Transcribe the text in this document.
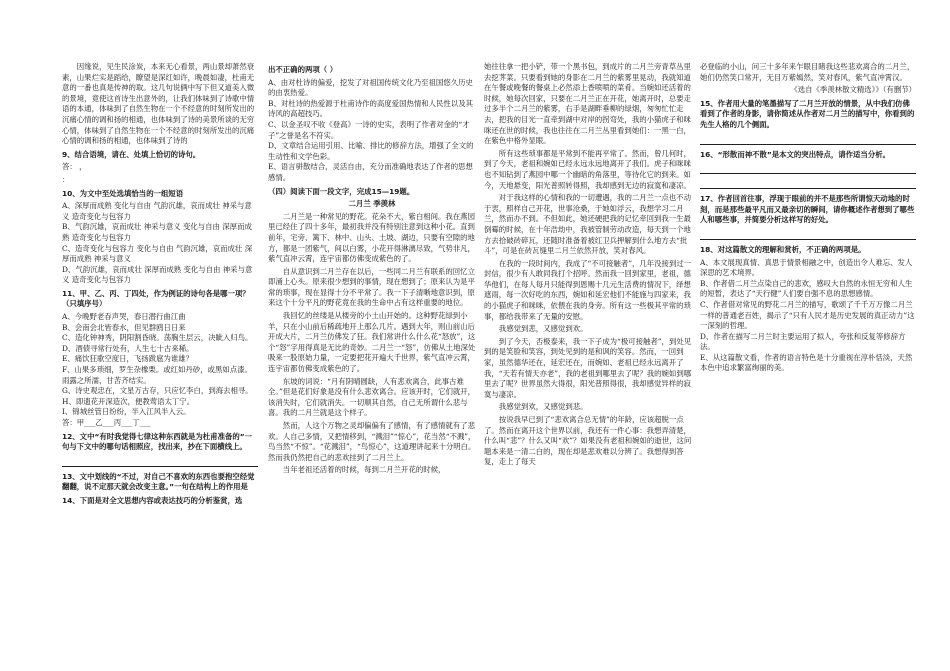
因缘说，见生民涂炭，本来无心看景，两山景却萧然衰素，山果烂实是蹈给，瞭望是深红如许，晚晨如凄，杜甫无意的一番也真是传神的取。这几句说俩中写下但又道美入微的景境，竟使这首诗生出意外的，让我们体味到了诗歌中情语的本通，体味到了自然生物在一个不经意的时刻所发出的沉痛心情的调和扬的相通，也体味到了诗的美景所谈的无穷心情，体味到了自然生物在一个不经意的时刻所发出的沉痛心情的调和扬的相通，也体味到了诗的

9、结合语境，请在、处填上恰切的诗句。

答： ，

：

10、为文中至处选填恰当的一组短语

A、深厚而成熟 变化与自由 气韵沉雄，哀而成壮 神采与意义 造奇变化与包容力

B、气韵沉雄，哀而成壮 神采与意义 变化与自由 深厚而成熟 造奇变化与包容力

C、造奇变化与包容力 变化与自由 气韵沉雄，哀而成壮 深厚而成熟 神采与意义

D、气韵沉雄，哀而成壮 深厚而成熟 变化与自由 神采与意义 造奇变化与包容力

11、甲、乙、丙、丁四处，作为例证的诗句各是哪一项？（只填序号）

A、今晚野老吞声哭，春日潜行曲江曲

B、会南会北皆春水，但见群鸥日日来

C、造化钟神秀，阴阳割昏晓。荡胸生层云，决眦入归鸟。

D、酒债寻常行处有，人生七十古来稀。

E、痛饮狂歌空度日，飞扬跋扈为谁雄？

F、山果多琐细，罗生杂橡栗。或红如丹砂，或黑如点漆。雨露之所濡，甘苦齐结实。

G、诗史观忠在，文星万古存，只应忆李白，到海去相寻。

H、即遗花开深造次，便教莺语太丁宁。

I、锦城丝管日纷纷，半入江风半入云。

答：甲___乙___丙___丁___

12、文中“有时我觉得七律这种东西就是为杜甫准备的”一句与下文中的哪句话相照应，找出来，抄在下面横线上。

13、文中划线的“不过，对自己不喜欢的东西也要抱空经觉翻翻，说不定那天就会改变主意。”一句在结构上的作用是

14、下面是对全文思想内容或表达技巧的分析鉴赏，选

出不正确的两项（ ）

A、由对杜诗的偏爱，挖发了对祖国传统文化乃至祖国悠久历史的由衷热爱。

B、对杜诗的热爱源于杜甫诗作的高度爱国热情和人民性以及其诗风的高超技巧。

C、以金圣叹不收《登高》一诗的史实，表明了作者对金的“才子”之誉是名不符实。

D、文章结合运用引用、比喻、排比的修辞方法，增强了全文的生动性和文学色彩。

E、语言骈散结合，灵活自由，充分而准确地表达了作者的思想感情。

（四）阅读下面一段文字，完成15—19题。

二月兰 季羡林

二月兰是一种常见的野花。花朵不大，紫白相间。我在燕园里已经住了四十多年，最初我并没有特别注意到这种小花。直到前年，宅旁、篱下、林中、山头、土坡、湖边，只要有空隙的地方，都是一团紫气，间以白雾，小花开得淋漓尽致，气势非凡，紫气直冲云霄，连宇宙都仿佛变成紫色的了。

自从意识到二月兰存在以后，一些同二月兰有联系的回忆立即涌上心头。原来很少想到的事情，现在想到了；原来认为是平常的琐事，现在显得十分不平常了。我一下子清晰地意识到，原来这个十分平凡的野花竟在我的生命中占有这样重要的地位。

我回忆的丝缕是从楼旁的小土山开始的。这种野花绿到小羊，只在小山前后稀疏地开上那么几片。遇到大年，则山前山后开成大片，二月兰仿佛发了狂。我们常讲什么什么花“怒放”，这个“怒”字用得真是无比的奇妙。二月兰一“怒”，仿佛从土地深处吸来一股原始力量，一定要把花开遍大千世界，紫气直冲云霄，连宇宙都仿佛变成紫色的了。

东坡的词说：“月有阴晴圆缺，人有悲欢离合，此事古难全。”但是花们好象是没有什么悲欢离合。应该开时，它们就开，该消失时，它们就消失。一切顺其自然，自己无所谓什么悲与喜。我的二月兰就是这个样子。

然而，人这个万物之灵却偏偏有了感情，有了感情就有了悲欢。人自己多情，又把情移到，“溅泪”“惊心”，花当然“不溅”，鸟当然“不惊”。“花溅泪”，“鸟惊心”，这道理讲起来十分明白。然而我仍然把自己的悲欢挂到了二月兰上。

当年老祖还活着的时候，每到二月兰开花的时候，

她往往拿一把小铲，带一个黑书包，到成片的二月兰旁青草丛里去挖荠菜。只要看到她的身影在二月兰的紫雾里晃动，我就知道在午餐或晚餐的餐桌上必然添上香喷喷的菜肴。当婉如还活着的时候，她每次回家，只要在二月兰正在开花，她离开时，总要走过多半个二月兰的紫雾，右手是湖畔垂柳的绿烟，匆匆忙忙走去，把我的目光一直牵到湖中对岸的拐弯处，我的小猫虎子和咪咪还在世的时候，我也往往在二月兰丛里看到她们：一黑一白，在紫色中格外显眼。

所有这些琐事都是平常到不能再平常了。然而，曾几何时，到了今天，老祖和婉如已经永远永远地离开了我们。虎子和咪咪也不知钻到了燕园中哪一个幽暗的角落里，等待化它的到来。如今，天地悬变，阳光普照转得照，我却感到无边的寂寞和凄凉。

对于我这样的心情和我的一切遭遇，我的二月兰一点也不动于衷，照样自己开花，世事沧桑，于她如浮云，我想学习二月兰，然而办不到。不但如此，她还硬把我的记忆牵回到我一生最倒霉的时候，在十年浩劫中，我被管制劳动改造，每天到一个地方去拾破砖碎瓦，还随时准备着被红卫兵押解到什么地方去“批斗”，可是在砖瓦缝里二月兰依然开放，笑对春风。

在我的一段时间内，我成了“不可接触者”，几年没接到过一封信，很少有人敢同我打个招呼。然而我一回到家里，老祖，德华他们，在每人每月只能得到恩赐十几元生活费的情况下，绎想遮雨，每一次好吃的东西，婉如和延宏他们不能施与四家来，我的小猫虎子和咪咪，依偎在我的身旁。所有这一些极其平常的琐事，都给我带来了无量的安慰。

我感觉到悲，又感觉到欢。

到了今天，否极泰来，我一下子成为“极可接触者”，到处见到的是笑脸和笑容，到处见到的是和讽的笑容。然而，一回到家，虽然德华还在，延宏还在，而婉如、老祖已经永远离开了我，“天若有情天亦老”，我的老祖到哪里去了呢？我的婉如到哪里去了呢？世界虽然大得很，阳光普照得很，我却感觉异样的寂寞与凄凉。

我感觉到欢，又感觉到悲。

按说我早已到了“悲欢离合总无情”的年龄，应该超脱一点了。然而在离开这个世界以前，我还有一件心事：我想弄清楚，什么叫“悲”？什么又叫“欢”？如果没有老祖和婉如的逝世，这问题本来是一清二白的，现在却是悲欢难以分辨了。我想得到答复，走上了每天

必登临的小山，问三十多年来乍眼目睹我这些悲欢离合的二月兰，她们仍然笑口常开，无目万紫嫣然，笑对春风，紫气直冲霄汉。

《选自《季羡林散文精选》》（有删节）

15、作者用大量的笔墨描写了二月兰开放的情景，从中我们仿佛看到了作者的身影，请你简述从作者对二月兰的描写中，你看到的先生人格的几个侧面。

16、“形散而神不散”是本文的突出特点，请作适当分析。

17、作者回首往事，浮现于眼前的并不是那些所谓惊天动地的时刻，而是那些最平凡而又最亲切的瞬间，请你概述作者想到了哪些人和哪些事，并简要分析这样写的好处。

18、对这篇散文的理解和赏析，不正确的两项是。

A、本文展现真情、真思于情景相融之中，创造出令人难忘、发人深思的艺术境界。

B、作者借二月兰点染自己的悲欢，感叹大自然的永恒无穷和人生的短暂，表达了“天行健”人们要自强不息的思想感情。

C、作者借对常见的野花二月兰的描写，歌颂了千千万万像二月兰一样的普通老百姓，揭示了“只有人民才是历史发展的真正动力”这一深刻的哲理。

D、作者在描写二月兰时主要运用了拟人，夸张和反复等修辞方法。

E、从这篇散文看，作者的语言特色是十分重视在淳朴恬淡，天然本色中追求繁富绚丽的美。
